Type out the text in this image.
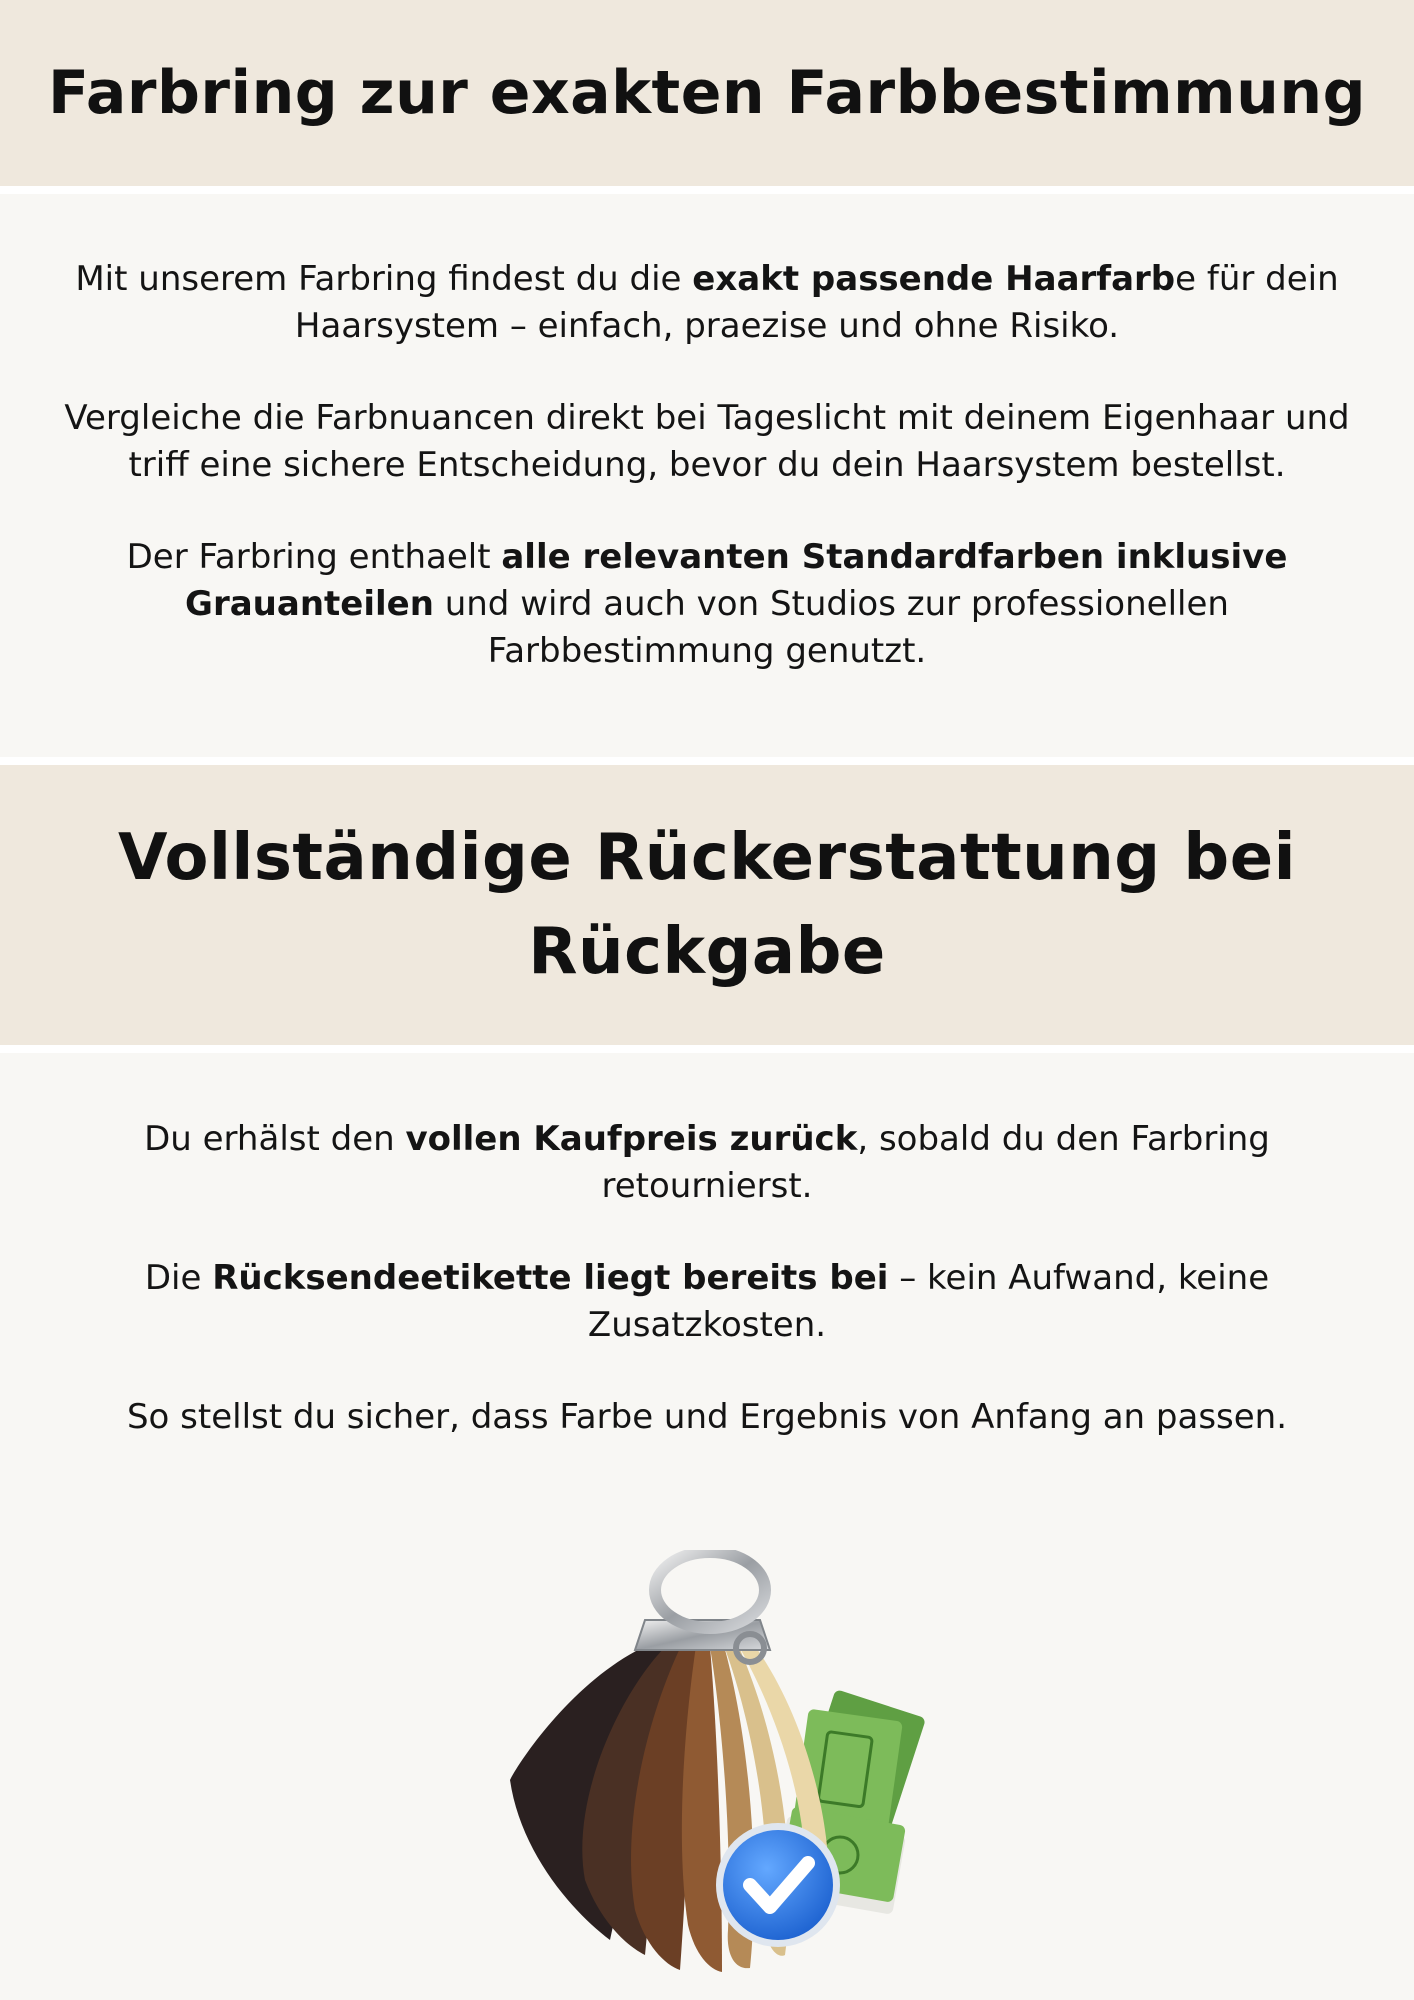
Farbring zur exakten Farbbestimmung

Mit unserem Farbring findest du die exakt passende Haarfarbe für dein Haarsystem – einfach, praezise und ohne Risiko.

Vergleiche die Farbnuancen direkt bei Tageslicht mit deinem Eigenhaar und triff eine sichere Entscheidung, bevor du dein Haarsystem bestellst.

Der Farbring enthaelt alle relevanten Standardfarben inklusive Grauanteilen und wird auch von Studios zur professionellen Farbbestimmung genutzt.

Vollständige Rückerstattung bei Rückgabe

Du erhälst den vollen Kaufpreis zurück, sobald du den Farbring retournierst.

Die Rücksendeetikette liegt bereits bei – kein Aufwand, keine Zusatzkosten.

So stellst du sicher, dass Farbe und Ergebnis von Anfang an passen.
